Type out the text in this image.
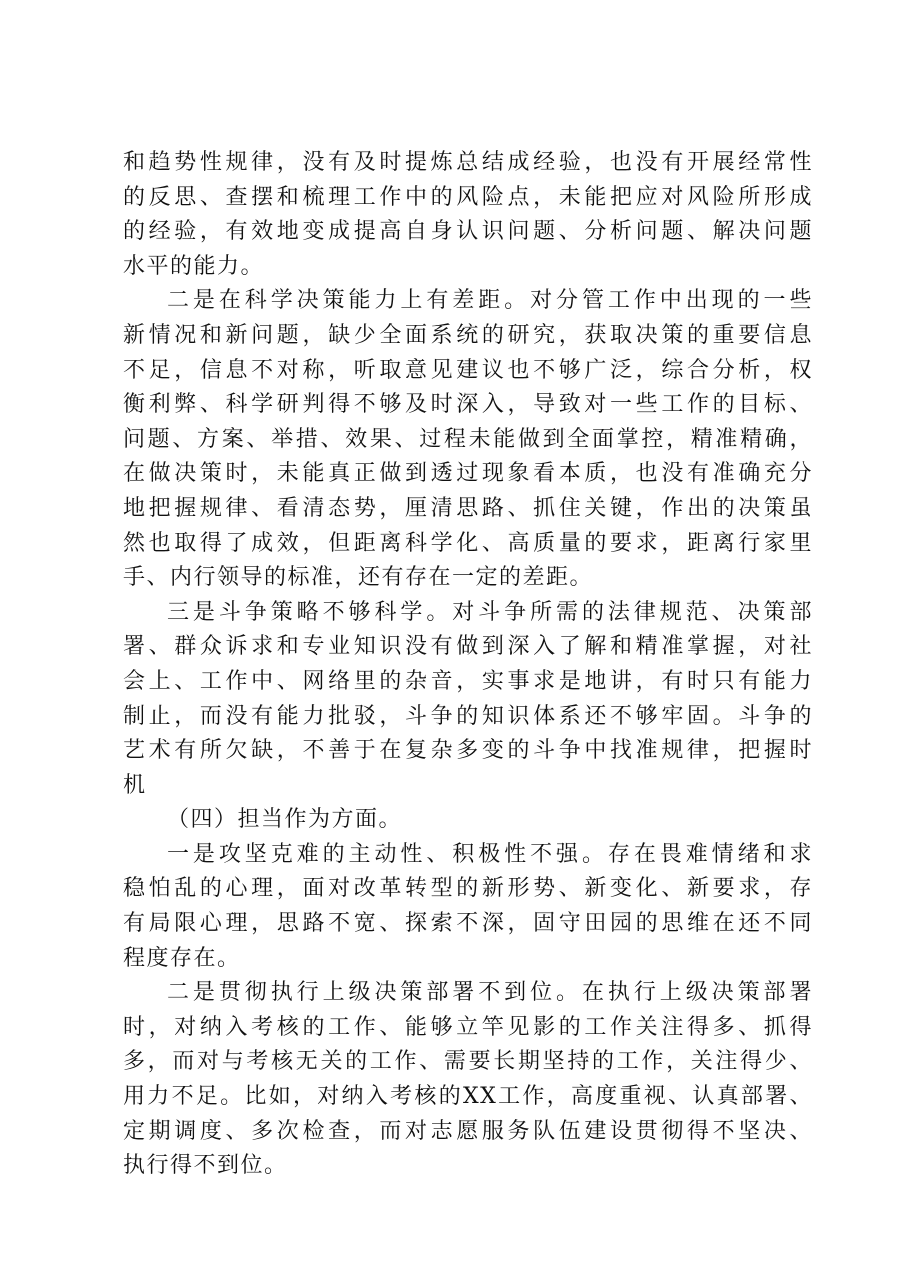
和趋势性规律，没有及时提炼总结成经验，也没有开展经常性
的反思、查摆和梳理工作中的风险点，未能把应对风险所形成
的经验，有效地变成提高自身认识问题、分析问题、解决问题
水平的能力。
二是在科学决策能力上有差距。对分管工作中出现的一些
新情况和新问题，缺少全面系统的研究，获取决策的重要信息
不足，信息不对称，听取意见建议也不够广泛，综合分析，权
衡利弊、科学研判得不够及时深入，导致对一些工作的目标、
问题、方案、举措、效果、过程未能做到全面掌控，精准精确，
在做决策时，未能真正做到透过现象看本质，也没有准确充分
地把握规律、看清态势，厘清思路、抓住关键，作出的决策虽
然也取得了成效，但距离科学化、高质量的要求，距离行家里
手、内行领导的标准，还有存在一定的差距。
三是斗争策略不够科学。对斗争所需的法律规范、决策部
署、群众诉求和专业知识没有做到深入了解和精准掌握，对社
会上、工作中、网络里的杂音，实事求是地讲，有时只有能力
制止，而没有能力批驳，斗争的知识体系还不够牢固。斗争的
艺术有所欠缺，不善于在复杂多变的斗争中找准规律，把握时
机
（四）担当作为方面。
一是攻坚克难的主动性、积极性不强。存在畏难情绪和求
稳怕乱的心理，面对改革转型的新形势、新变化、新要求，存
有局限心理，思路不宽、探索不深，固守田园的思维在还不同
程度存在。
二是贯彻执行上级决策部署不到位。在执行上级决策部署
时，对纳入考核的工作、能够立竿见影的工作关注得多、抓得
多，而对与考核无关的工作、需要长期坚持的工作，关注得少、
用力不足。比如，对纳入考核的XX工作，高度重视、认真部署、
定期调度、多次检查，而对志愿服务队伍建设贯彻得不坚决、
执行得不到位。
